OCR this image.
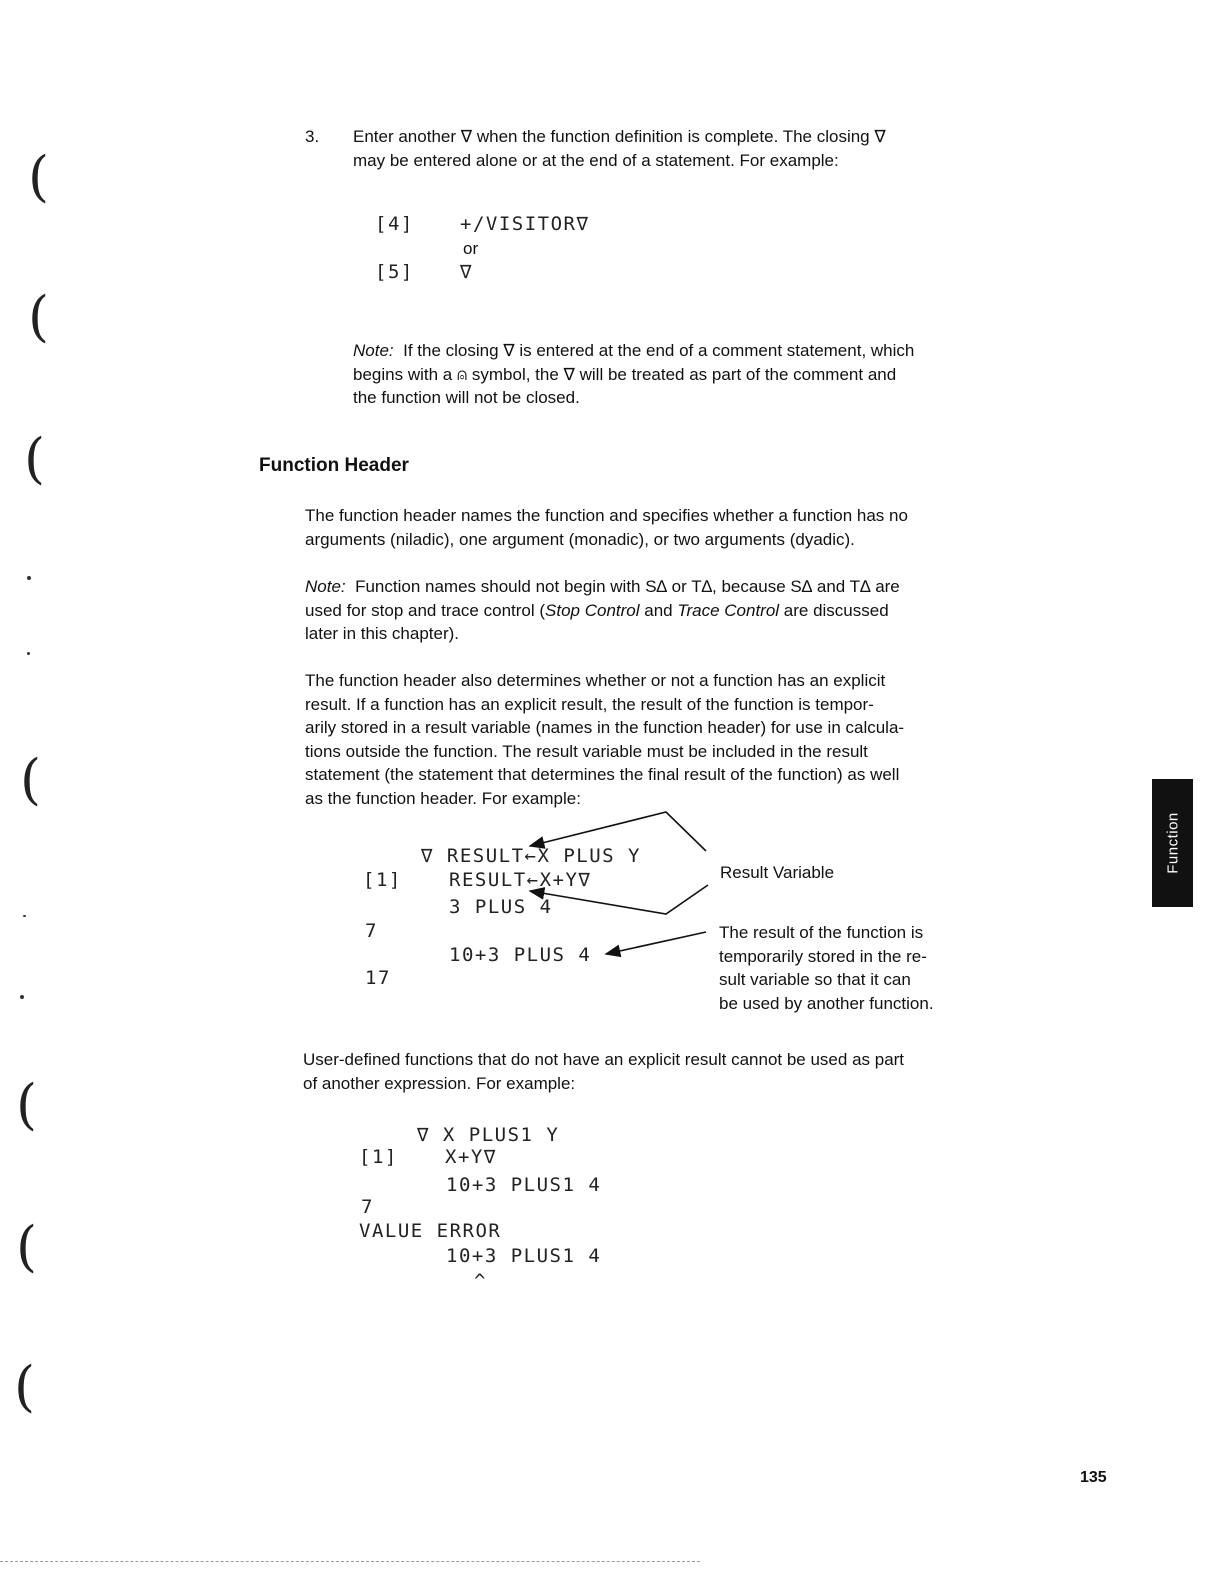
(
(
(
(
(
(
(
3. Enter another ∇ when the function definition is complete. The closing ∇

may be entered alone or at the end of a statement. For example:

[4] +/VISITOR∇
or
[5] ∇

Note: If the closing ∇ is entered at the end of a comment statement, which

begins with a ⍝ symbol, the ∇ will be treated as part of the comment and

the function will not be closed.

Function Header

The function header names the function and specifies whether a function has no

arguments (niladic), one argument (monadic), or two arguments (dyadic).

Note: Function names should not begin with S∆ or T∆, because S∆ and T∆ are

used for stop and trace control (Stop Control and Trace Control are discussed

later in this chapter).

The function header also determines whether or not a function has an explicit

result. If a function has an explicit result, the result of the function is tempor-

arily stored in a result variable (names in the function header) for use in calcula-

tions outside the function. The result variable must be included in the result

statement (the statement that determines the final result of the function) as well

as the function header. For example:

∇ RESULT←X PLUS Y
[1] RESULT←X+Y∇
3 PLUS 4
7
10+3 PLUS 4
17
Result Variable

The result of the function is

temporarily stored in the re-

sult variable so that it can

be used by another function.

User-defined functions that do not have an explicit result cannot be used as part

of another expression. For example:

∇ X PLUS1 Y
[1] X+Y∇
10+3 PLUS1 4
7
VALUE ERROR
10+3 PLUS1 4
^
Function
135
